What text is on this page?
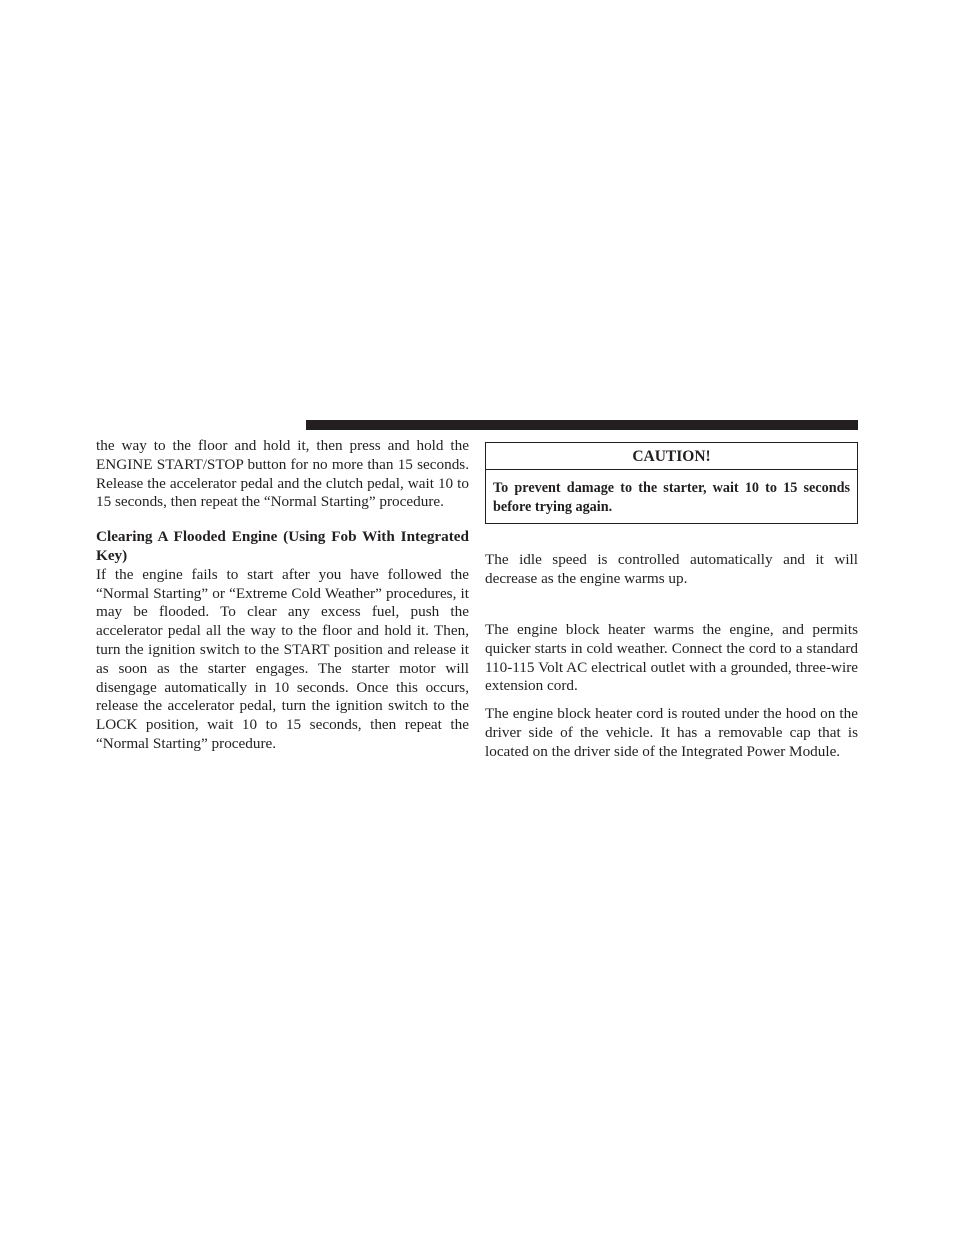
the way to the floor and hold it, then press and hold the ENGINE START/STOP button for no more than 15 seconds. Release the accelerator pedal and the clutch pedal, wait 10 to 15 seconds, then repeat the “Normal Starting” procedure.

Clearing A Flooded Engine (Using Fob With Integrated Key)

If the engine fails to start after you have followed the “Normal Starting” or “Extreme Cold Weather” procedures, it may be flooded. To clear any excess fuel, push the accelerator pedal all the way to the floor and hold it. Then, turn the ignition switch to the START position and release it as soon as the starter engages. The starter motor will disengage automatically in 10 seconds. Once this occurs, release the accelerator pedal, turn the ignition switch to the LOCK position, wait 10 to 15 seconds, then repeat the “Normal Starting” procedure.

CAUTION!
To prevent damage to the starter, wait 10 to 15 seconds before trying again.

The idle speed is controlled automatically and it will decrease as the engine warms up.

The engine block heater warms the engine, and permits quicker starts in cold weather. Connect the cord to a standard 110-115 Volt AC electrical outlet with a grounded, three-wire extension cord.

The engine block heater cord is routed under the hood on the driver side of the vehicle. It has a removable cap that is located on the driver side of the Integrated Power Module.
